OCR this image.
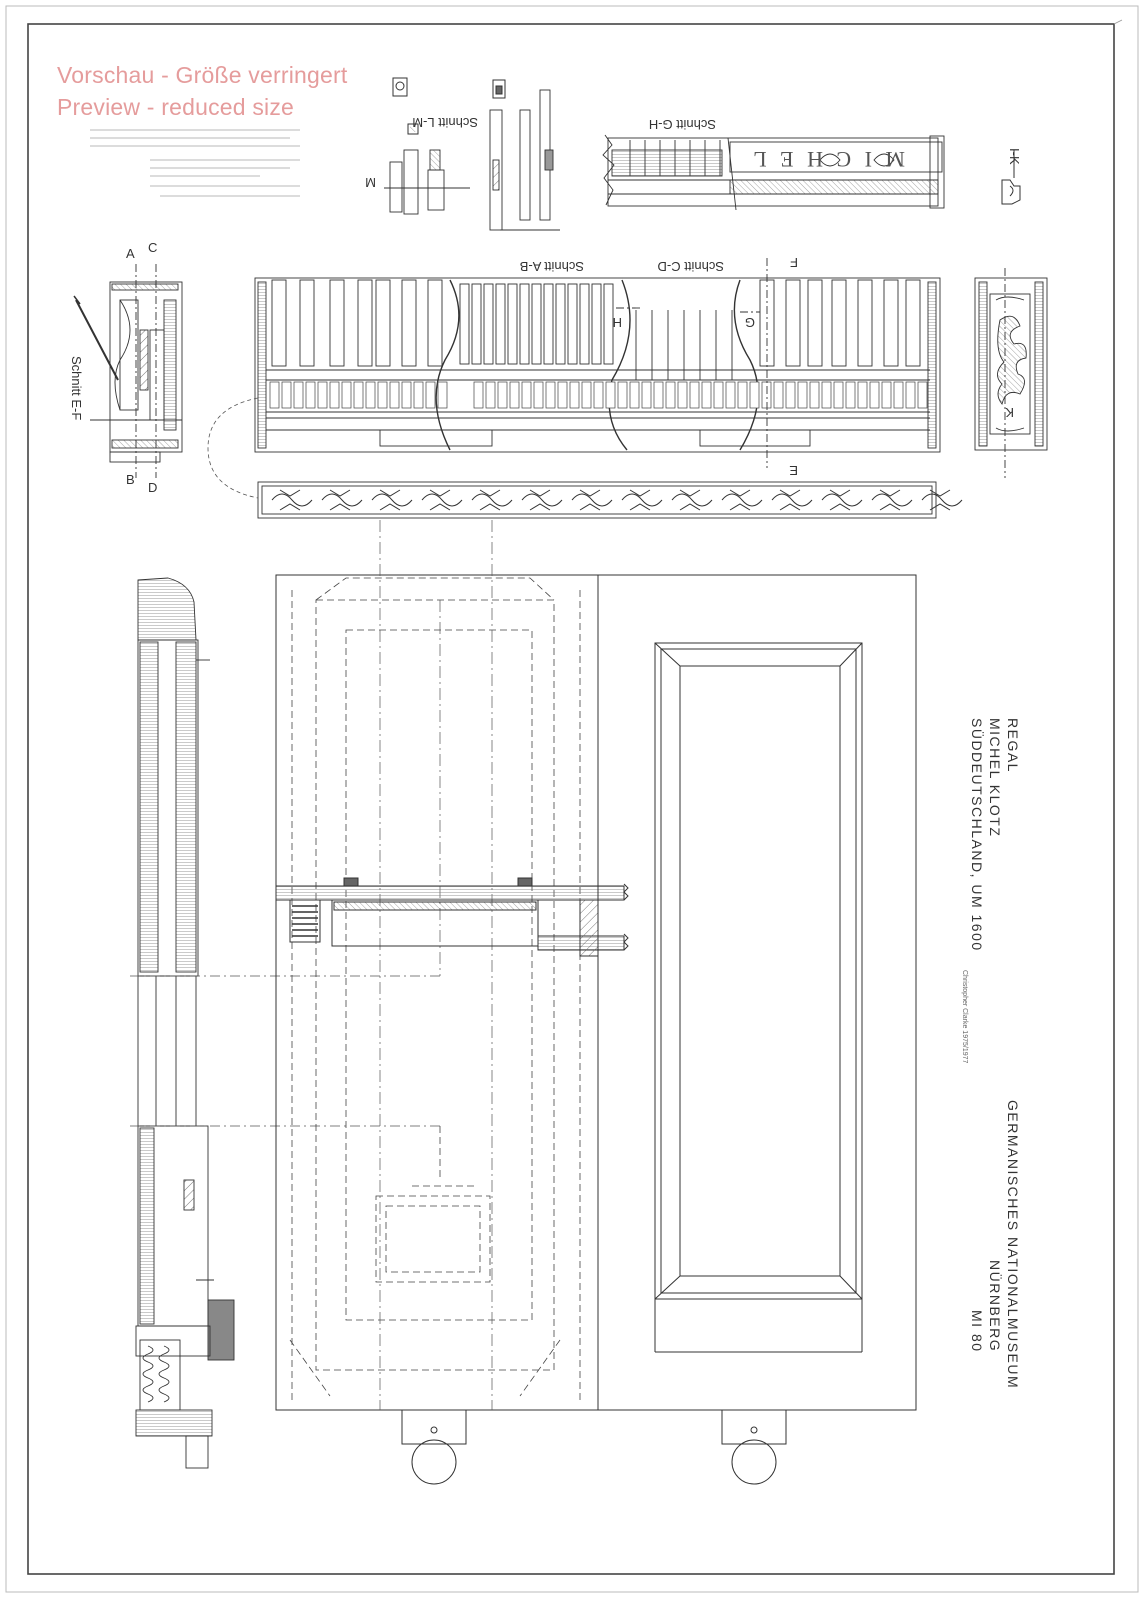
Vorschau - Größe verringert
Preview - reduced size
Schnitt A-B	Schnitt C-D
Schnitt E-F
Schnitt G-H
Schnitt L-M
I-K
A C
B
D
F
E
H	G
K
M
M I C H E L
REGAL
MICHEL KLOTZ
SÜDDEUTSCHLAND, UM 1600
GERMANISCHES NATIONALMUSEUM
NÜRNBERG
MI 80
Christopher Clarke 1975/1977
